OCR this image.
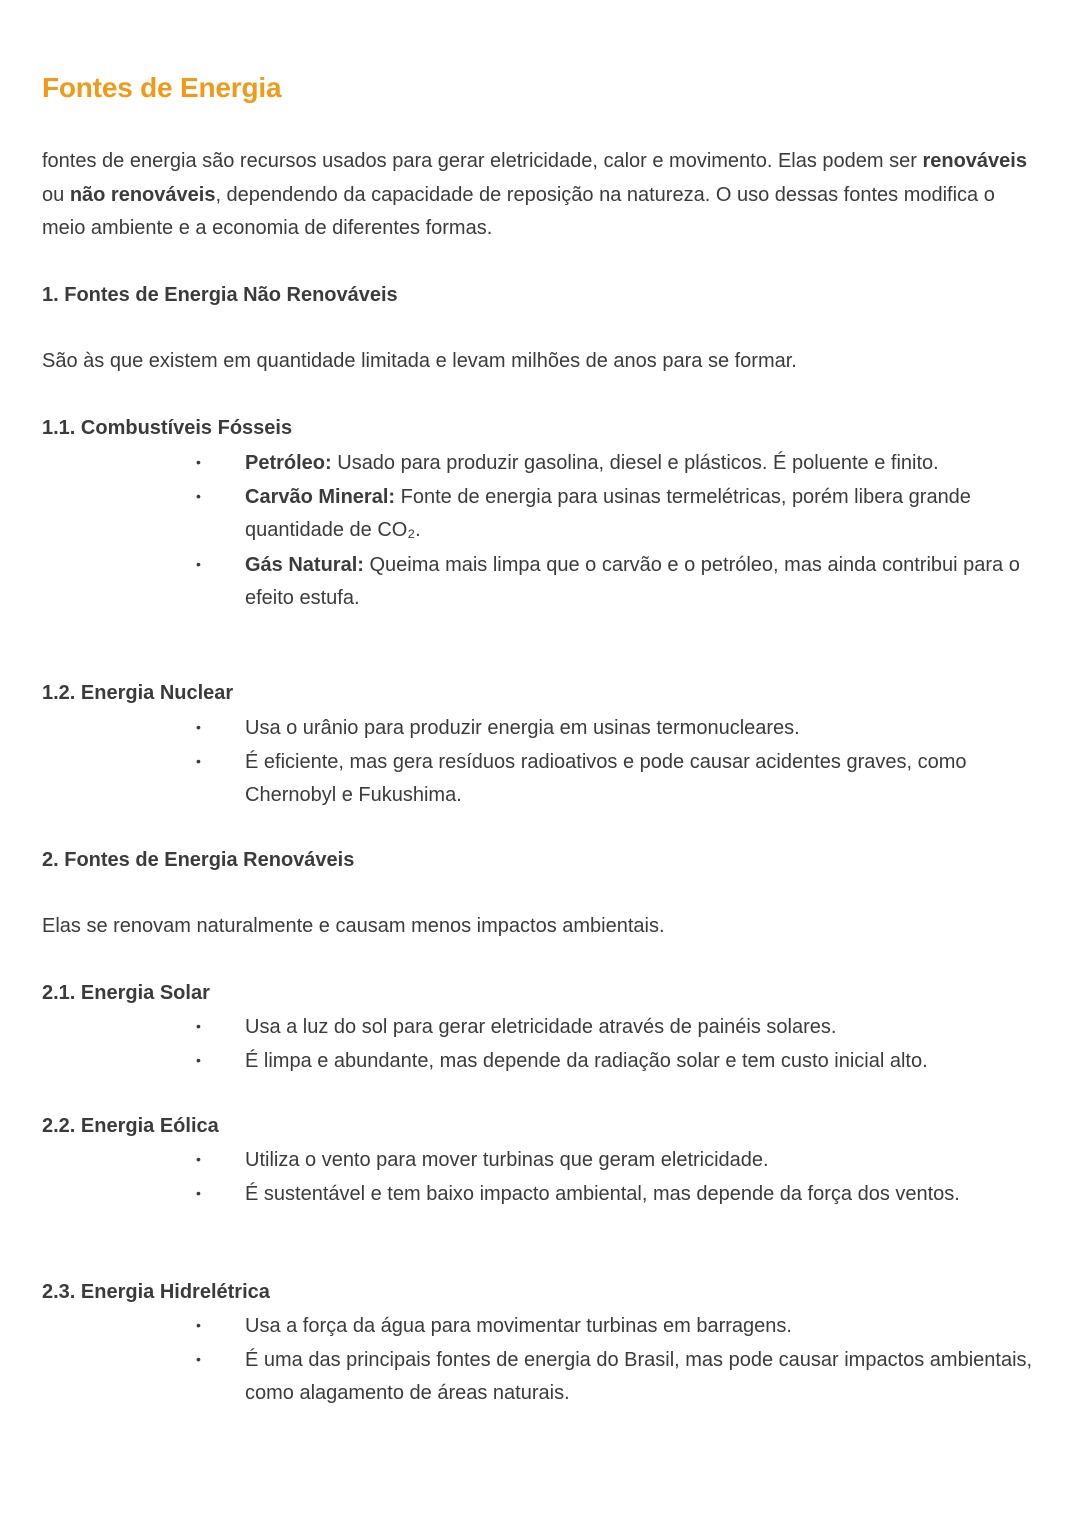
Fontes de Energia

fontes de energia são recursos usados para gerar eletricidade, calor e movimento. Elas podem ser renováveis ou não renováveis, dependendo da capacidade de reposição na natureza. O uso dessas fontes modifica o meio ambiente e a economia de diferentes formas.

1. Fontes de Energia Não Renováveis
São às que existem em quantidade limitada e levam milhões de anos para se formar.
1.1. Combustíveis Fósseis
• Petróleo: Usado para produzir gasolina, diesel e plásticos. É poluente e finito.
• Carvão Mineral: Fonte de energia para usinas termelétricas, porém libera grande quantidade de CO₂.
• Gás Natural: Queima mais limpa que o carvão e o petróleo, mas ainda contribui para o efeito estufa.
1.2. Energia Nuclear
• Usa o urânio para produzir energia em usinas termonucleares.
• É eficiente, mas gera resíduos radioativos e pode causar acidentes graves, como Chernobyl e Fukushima.
2. Fontes de Energia Renováveis
Elas se renovam naturalmente e causam menos impactos ambientais.
2.1. Energia Solar
• Usa a luz do sol para gerar eletricidade através de painéis solares.
• É limpa e abundante, mas depende da radiação solar e tem custo inicial alto.
2.2. Energia Eólica
• Utiliza o vento para mover turbinas que geram eletricidade.
• É sustentável e tem baixo impacto ambiental, mas depende da força dos ventos.
2.3. Energia Hidrelétrica
• Usa a força da água para movimentar turbinas em barragens.
• É uma das principais fontes de energia do Brasil, mas pode causar impactos ambientais, como alagamento de áreas naturais.
